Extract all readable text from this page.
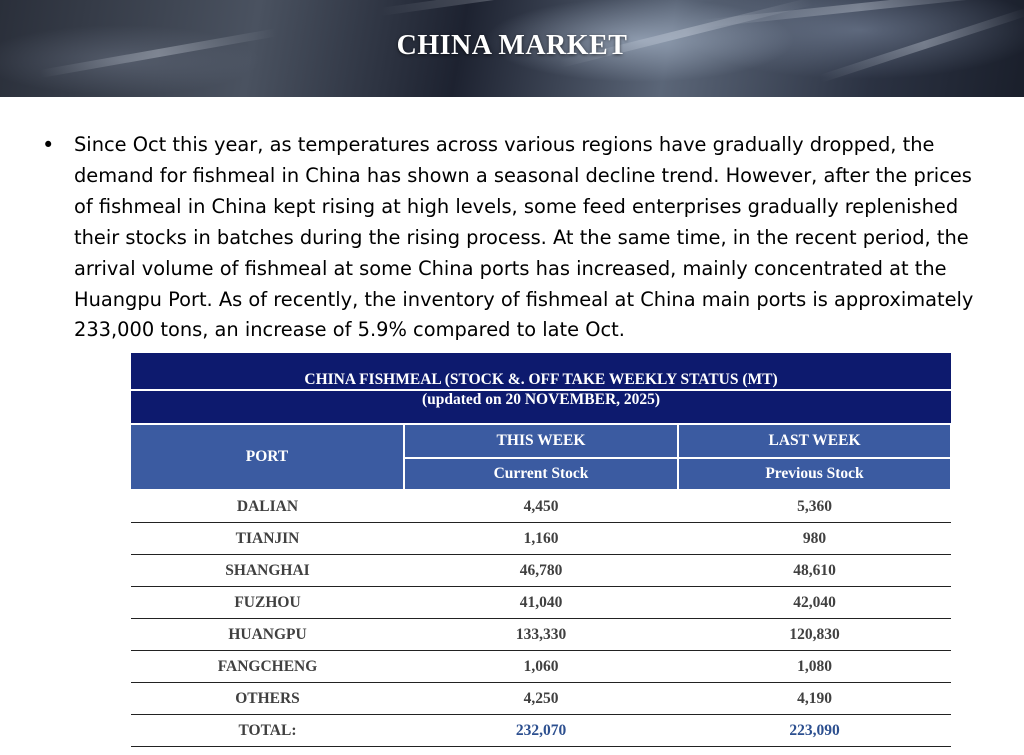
CHINA MARKET
• Since Oct this year, as temperatures across various regions have gradually dropped, the demand for fishmeal in China has shown a seasonal decline trend. However, after the prices of fishmeal in China kept rising at high levels, some feed enterprises gradually replenished their stocks in batches during the rising process. At the same time, in the recent period, the arrival volume of fishmeal at some China ports has increased, mainly concentrated at the Huangpu Port. As of recently, the inventory of fishmeal at China main ports is approximately 233,000 tons, an increase of 5.9% compared to late Oct.
CHINA FISHMEAL (STOCK &. OFF TAKE WEEKLY STATUS (MT)		
(updated on 20 NOVEMBER, 2025)		
PORT	THIS WEEK	LAST WEEK
	Current Stock	Previous Stock
DALIAN	4,450	5,360
TIANJIN	1,160	980
SHANGHAI	46,780	48,610
FUZHOU	41,040	42,040
HUANGPU	133,330	120,830
FANGCHENG	1,060	1,080
OTHERS	4,250	4,190
TOTAL:	232,070	223,090
